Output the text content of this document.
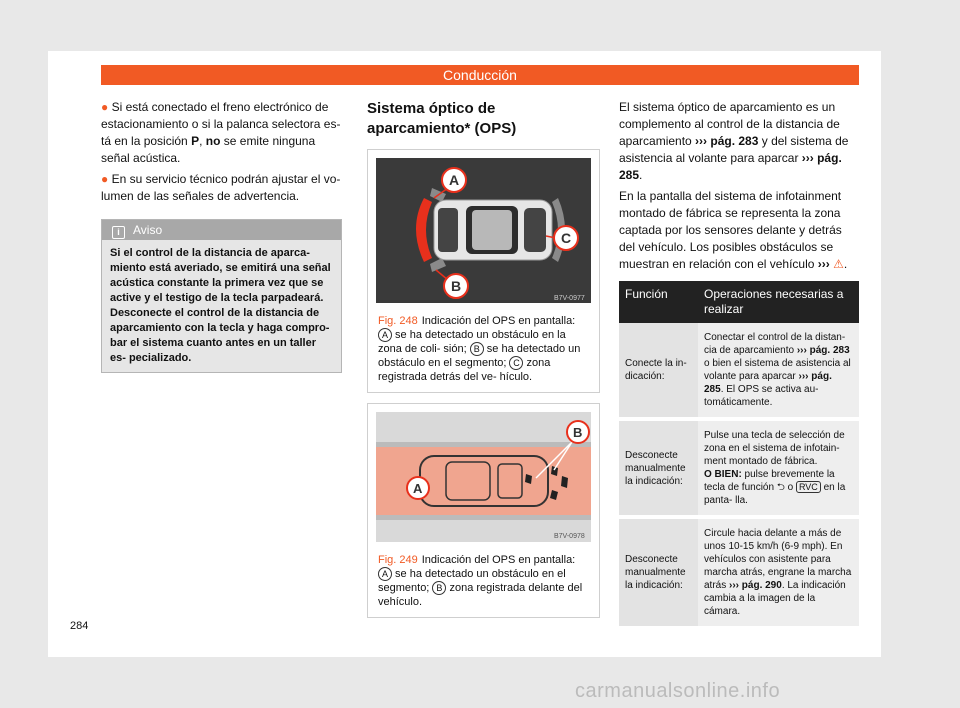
Conducción

● Si está conectado el freno electrónico de estacionamiento o si la palanca selectora es- tá en la posición P, no se emite ninguna señal acústica.

● En su servicio técnico podrán ajustar el vo- lumen de las señales de advertencia.

i Aviso
Si el control de la distancia de aparca- miento está averiado, se emitirá una señal acústica constante la primera vez que se active y el testigo de la tecla parpadeará. Desconecte el control de la distancia de aparcamiento con la tecla y haga compro- bar el sistema cuanto antes en un taller es- pecializado.
Sistema óptico de aparcamiento* (OPS)
A
C
B
B7V-0977
Fig. 248 Indicación del OPS en pantalla: A se ha detectado un obstáculo en la zona de coli- sión; B se ha detectado un obstáculo en el segmento; C zona registrada detrás del ve- hículo.
B
A
B7V-0978
Fig. 249 Indicación del OPS en pantalla: A se ha detectado un obstáculo en el segmento; B zona registrada delante del vehículo.

El sistema óptico de aparcamiento es un complemento al control de la distancia de aparcamiento ››› pág. 283 y del sistema de asistencia al volante para aparcar ››› pág. 285.

En la pantalla del sistema de infotainment montado de fábrica se representa la zona captada por los sensores delante y detrás del vehículo. Los posibles obstáculos se muestran en relación con el vehículo ››› ⚠.

Función	Operaciones necesarias a realizar
Conecte la in- dicación:	Conectar el control de la distan- cia de aparcamiento ››› pág. 283 o bien el sistema de asistencia al volante para aparcar ››› pág. 285. El OPS se activa au- tomáticamente.
Desconecte manualmente la indicación:	Pulse una tecla de selección de zona en el sistema de infotain- ment montado de fábrica.
O BIEN: pulse brevemente la tecla de función ⮌ o RVC en la panta- lla.
Desconecte manualmente la indicación:	Circule hacia delante a más de unos 10-15 km/h (6-9 mph). En vehículos con asistente para marcha atrás, engrane la marcha atrás ››› pág. 290. La indicación cambia a la imagen de la cámara.
284
carmanualsonline.info
